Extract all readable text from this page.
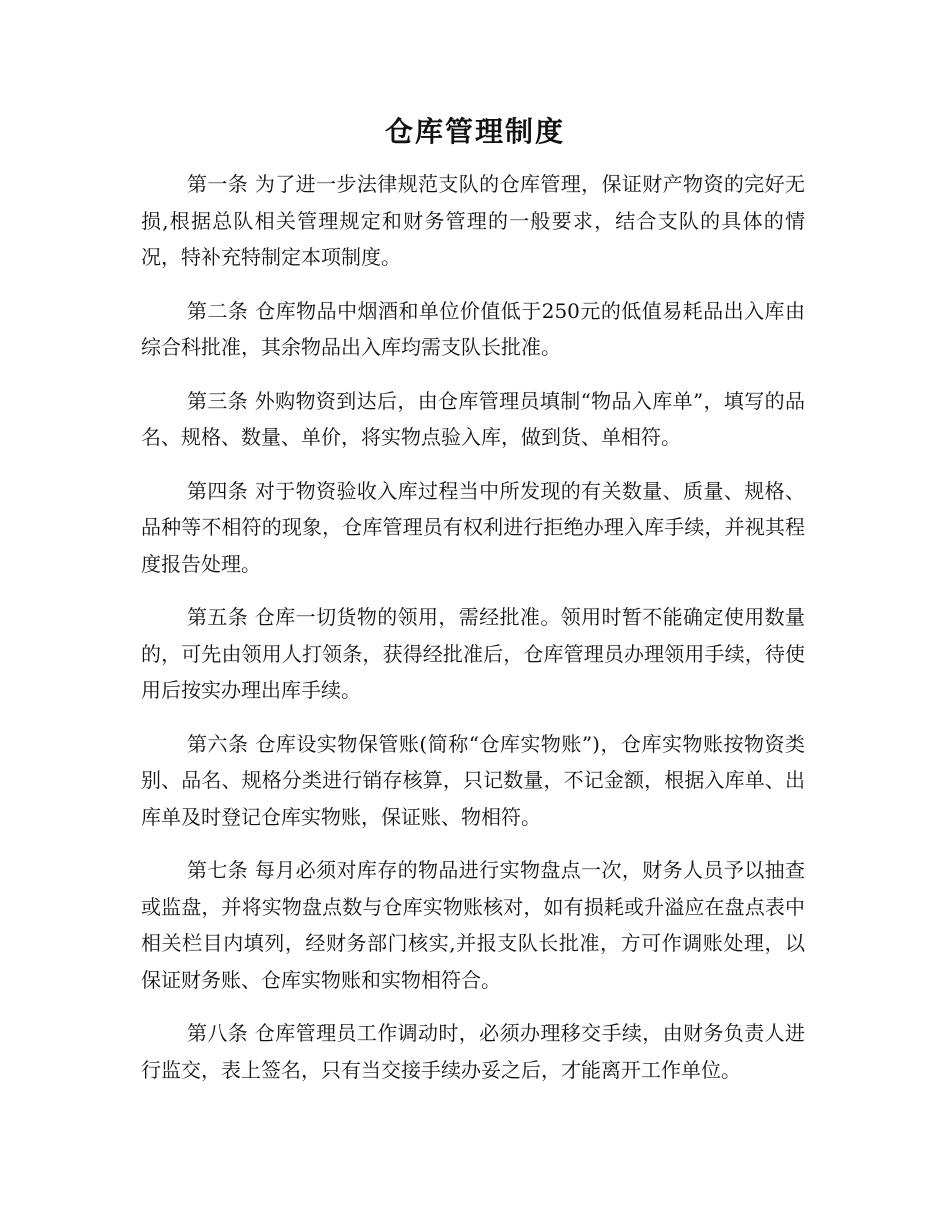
仓库管理制度

第一条 为了进一步法律规范支队的仓库管理，保证财产物资的完好无损,根据总队相关管理规定和财务管理的一般要求，结合支队的具体的情况，特补充特制定本项制度。

第二条 仓库物品中烟酒和单位价值低于250元的低值易耗品出入库由综合科批准，其余物品出入库均需支队长批准。

第三条 外购物资到达后，由仓库管理员填制“物品入库单”，填写的品名、规格、数量、单价，将实物点验入库，做到货、单相符。

第四条 对于物资验收入库过程当中所发现的有关数量、质量、规格、品种等不相符的现象，仓库管理员有权利进行拒绝办理入库手续，并视其程度报告处理。

第五条 仓库一切货物的领用，需经批准。领用时暂不能确定使用数量的，可先由领用人打领条，获得经批准后，仓库管理员办理领用手续，待使用后按实办理出库手续。

第六条 仓库设实物保管账(简称“仓库实物账”)，仓库实物账按物资类别、品名、规格分类进行销存核算，只记数量，不记金额，根据入库单、出库单及时登记仓库实物账，保证账、物相符。

第七条 每月必须对库存的物品进行实物盘点一次，财务人员予以抽查或监盘，并将实物盘点数与仓库实物账核对，如有损耗或升溢应在盘点表中相关栏目内填列，经财务部门核实,并报支队长批准，方可作调账处理，以保证财务账、仓库实物账和实物相符合。

第八条 仓库管理员工作调动时，必须办理移交手续，由财务负责人进行监交，表上签名，只有当交接手续办妥之后，才能离开工作单位。
